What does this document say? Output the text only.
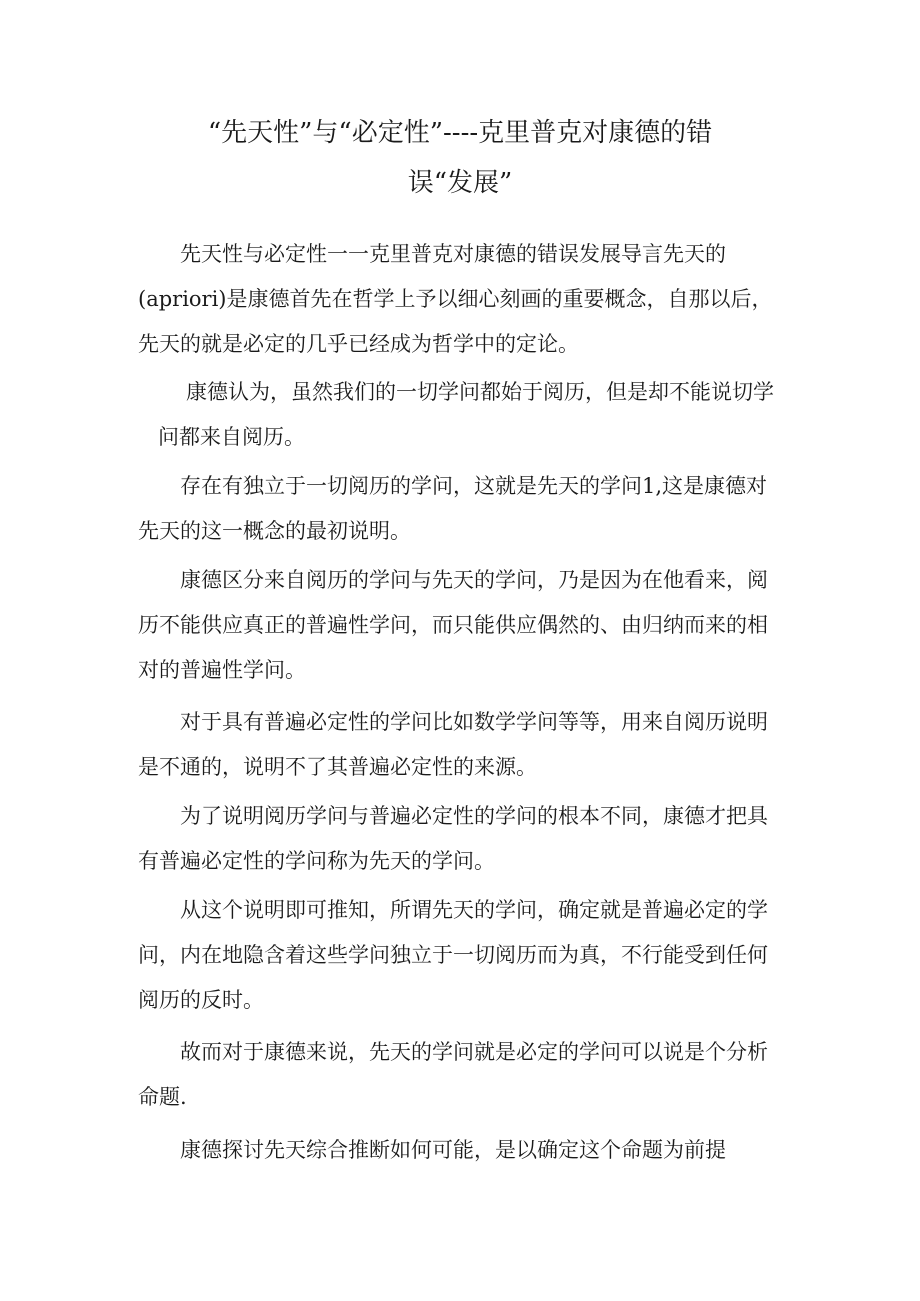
“先天性”与“必定性”----克里普克对康德的错
误“发展”

先天性与必定性一一克里普克对康德的错误发展导言先天的
(apriori)是康德首先在哲学上予以细心刻画的重要概念，自那以后，
先天的就是必定的几乎已经成为哲学中的定论。

康德认为，虽然我们的一切学问都始于阅历，但是却不能说切学
问都来自阅历。

存在有独立于一切阅历的学问，这就是先天的学问1,这是康德对
先天的这一概念的最初说明。

康德区分来自阅历的学问与先天的学问，乃是因为在他看来，阅
历不能供应真正的普遍性学问，而只能供应偶然的、由归纳而来的相
对的普遍性学问。

对于具有普遍必定性的学问比如数学学问等等，用来自阅历说明
是不通的，说明不了其普遍必定性的来源。

为了说明阅历学问与普遍必定性的学问的根本不同，康德才把具
有普遍必定性的学问称为先天的学问。

从这个说明即可推知，所谓先天的学问，确定就是普遍必定的学
问，内在地隐含着这些学问独立于一切阅历而为真，不行能受到任何
阅历的反时。

故而对于康德来说，先天的学问就是必定的学问可以说是个分析
命题.

康德探讨先天综合推断如何可能，是以确定这个命题为前提
